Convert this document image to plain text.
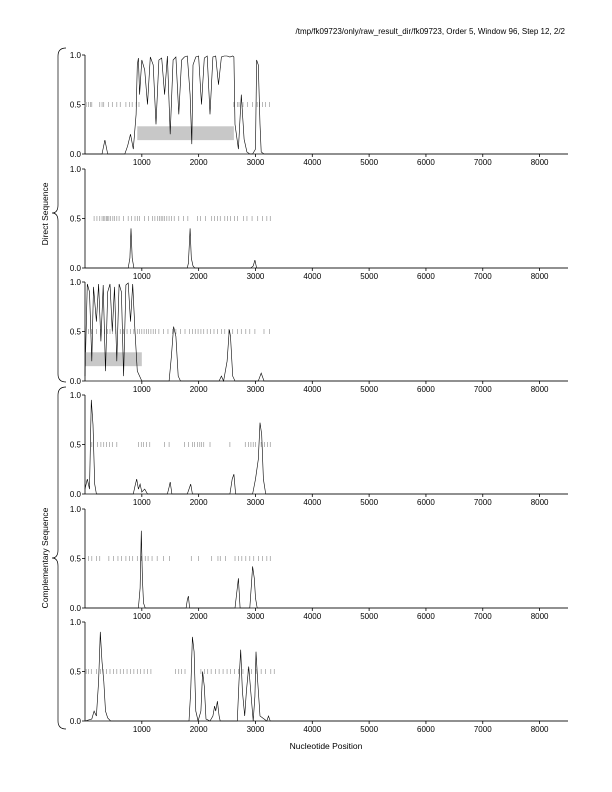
/tmp/fk09723/only/raw_result_dir/fk09723, Order 5, Window 96, Step 12, 2/2
Direct Sequence
Complementary Sequence
0.0
0.5
1.0
1000	2000	3000	4000	5000	6000	7000	8000
0.0
0.5
1.0
1000	2000	3000	4000	5000	6000	7000	8000
0.0
0.5
1.0
1000	2000	3000	4000	5000	6000	7000	8000
0.0
0.5
1.0
1000	2000	3000	4000	5000	6000	7000	8000
0.0
0.5
1.0
1000	2000	3000	4000	5000	6000	7000	8000
0.0
0.5
1.0
1000	2000	3000	4000	5000	6000	7000	8000
Nucleotide Position
